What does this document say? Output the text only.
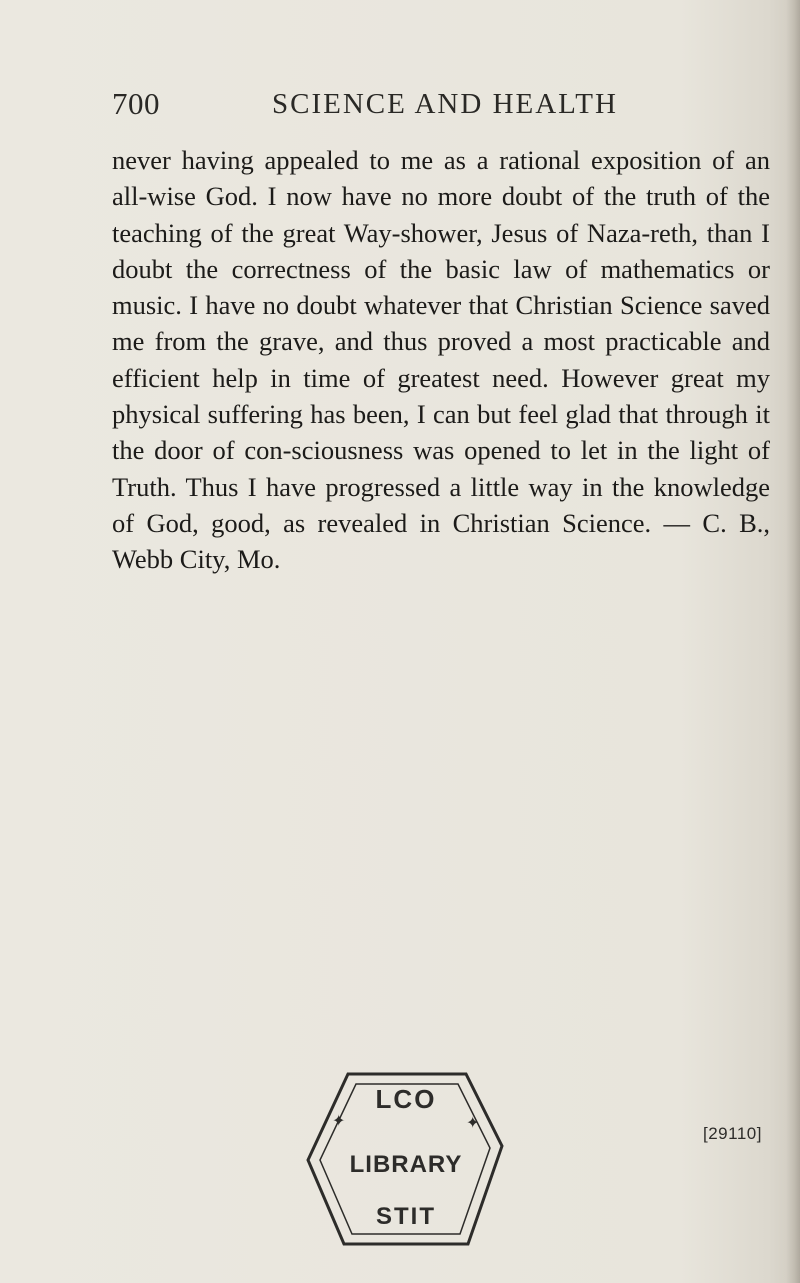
700	SCIENCE AND HEALTH

never having appealed to me as a rational exposition of an all-wise God. I now have no more doubt of the truth of the teaching of the great Way-shower, Jesus of Naza-reth, than I doubt the correctness of the basic law of mathematics or music. I have no doubt whatever that Christian Science saved me from the grave, and thus proved a most practicable and efficient help in time of greatest need. However great my physical suffering has been, I can but feel glad that through it the door of con-sciousness was opened to let in the light of Truth. Thus I have progressed a little way in the knowledge of God, good, as revealed in Christian Science. — C. B., Webb City, Mo.

✦	✦
LCO
LIBRARY
STIT
[29110]
